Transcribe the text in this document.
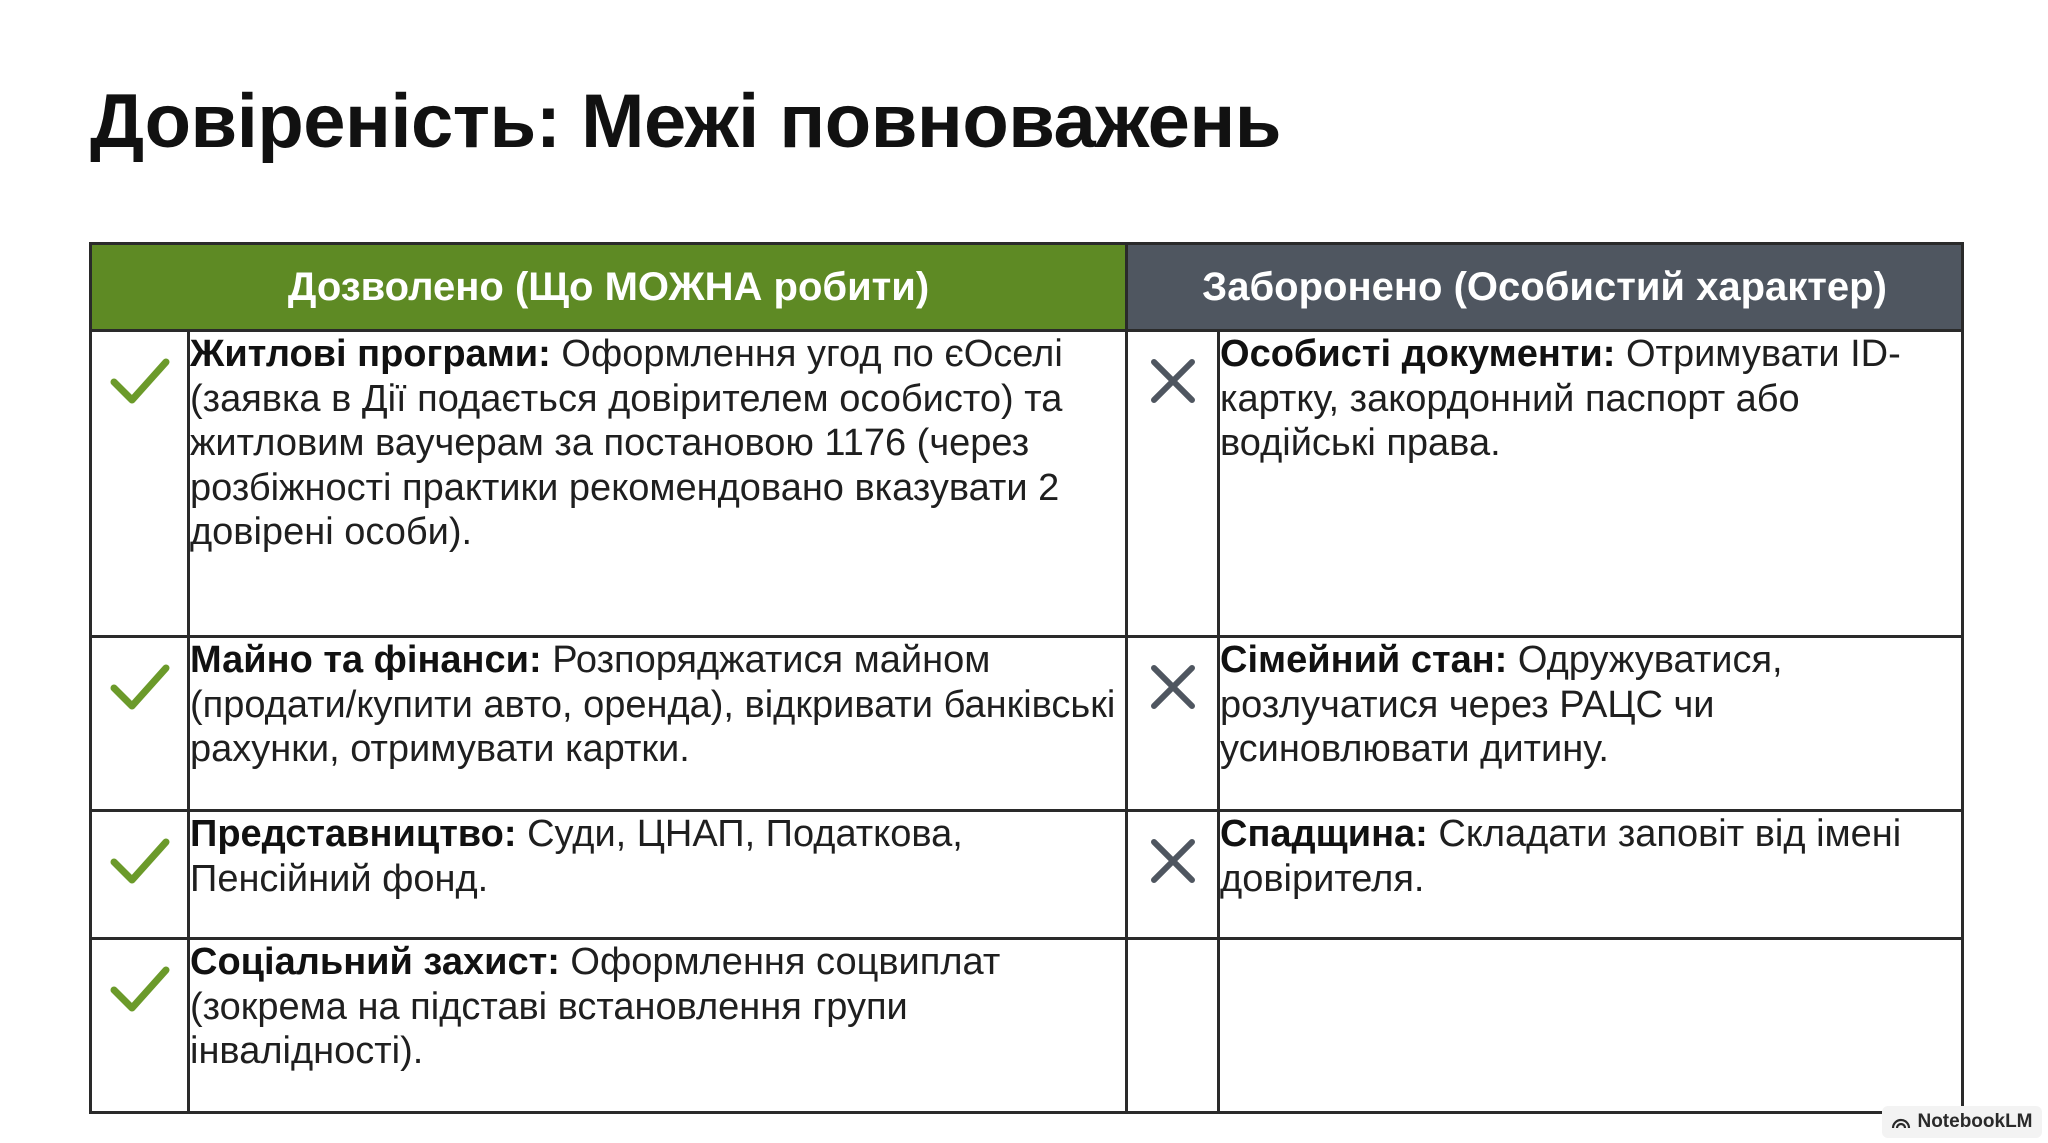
Довіреність: Межі повноважень
Дозволено (Що МОЖНА робити)		Заборонено (Особистий характер)	

	Житлові програми: Оформлення угод по єОселі (заявка в Дії подається довірителем особисто) та житловим ваучерам за постановою 1176 (через розбіжності практики рекомендовано вказувати 2 довірені особи).		Особисті документи: Отримувати ID-картку, закордонний паспорт або водійські права.

	Майно та фінанси: Розпоряджатися майном (продати/купити авто, оренда), відкривати банківські рахунки, отримувати картки.		Сімейний стан: Одружуватися, розлучатися через РАЦС чи усиновлювати дитину.

	Представництво: Суди, ЦНАП, Податкова, Пенсійний фонд.		Спадщина: Складати заповіт від імені довірителя.

	Соціальний захист: Оформлення соцвиплат (зокрема на підставі встановлення групи інвалідності).		
NotebookLM
